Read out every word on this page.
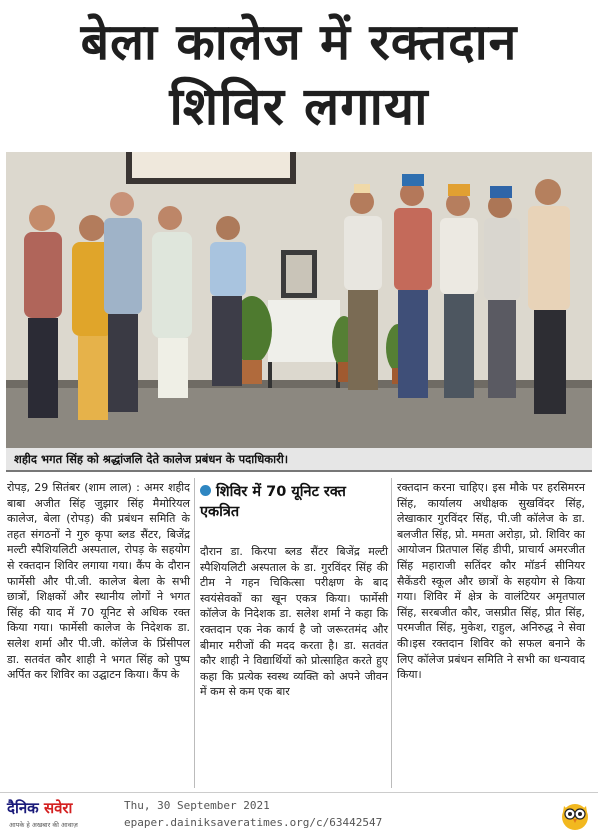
बेला कालेज में रक्तदान
शिविर लगाया
शहीद भगत सिंह को श्रद्धांजलि देते कालेज प्रबंधन के पदाधिकारी।

रोपड़, 29 सितंबर (शाम लाल) : अमर शहीद बाबा अजीत सिंह जुझार सिंह मैमोरियल कालेज, बेला (रोपड़) की प्रबंधन समिति के तहत संगठनों ने गुरु कृपा ब्लड सैंटर, बिजेंद्र मल्टी स्पैशियलिटी अस्पताल, रोपड़ के सहयोग से रक्तदान शिविर लगाया गया। कैंप के दौरान फार्मेसी और पी.जी. कालेज बेला के सभी छात्रों, शिक्षकों और स्थानीय लोगों ने भगत सिंह की याद में 70 यूनिट से अधिक रक्त किया गया। फार्मेसी कालेज के निदेशक डा. सलेश शर्मा और पी.जी. कॉलेज के प्रिंसीपल डा. सतवंत कौर शाही ने भगत सिंह को पुष्प अर्पित कर शिविर का उद्घाटन किया। कैंप के

शिविर में 70 यूनिट रक्त एकत्रित

दौरान डा. किरपा ब्लड सैंटर बिजेंद्र मल्टी स्पैशियलिटी अस्पताल के डा. गुरविंदर सिंह की टीम ने गहन चिकित्सा परीक्षण के बाद स्वयंसेवकों का खून एकत्र किया। फार्मेसी कॉलेज के निदेशक डा. सलेश शर्मा ने कहा कि रक्तदान एक नेक कार्य है जो जरूरतमंद और बीमार मरीजों की मदद करता है। डा. सतवंत कौर शाही ने विद्यार्थियों को प्रोत्साहित करते हुए कहा कि प्रत्येक स्वस्थ व्यक्ति को अपने जीवन में कम से कम एक बार

रक्तदान करना चाहिए। इस मौके पर हरसिमरन सिंह, कार्यालय अधीक्षक सुखविंदर सिंह, लेखाकार गुरविंदर सिंह, पी.जी कॉलेज के डा. बलजीत सिंह, प्रो. ममता अरोड़ा, प्रो. शिविर का आयोजन प्रितपाल सिंह डीपी, प्राचार्य अमरजीत सिंह महाराजी सतिंदर कौर मॉडर्न सीनियर सैकेंडरी स्कूल और छात्रों के सहयोग से किया गया। शिविर में क्षेत्र के वालंटियर अमृतपाल सिंह, सरबजीत कौर, जसप्रीत सिंह, प्रीत सिंह, परमजीत सिंह, मुकेश, राहुल, अनिरुद्ध ने सेवा की।इस रक्तदान शिविर को सफल बनाने के लिए कॉलेज प्रबंधन समिति ने सभी का धन्यवाद किया।

दैनिक सवेरा
आपके हे अखबार की आवाज़
Thu, 30 September 2021
epaper.dainiksaveratimes.org/c/63442547
